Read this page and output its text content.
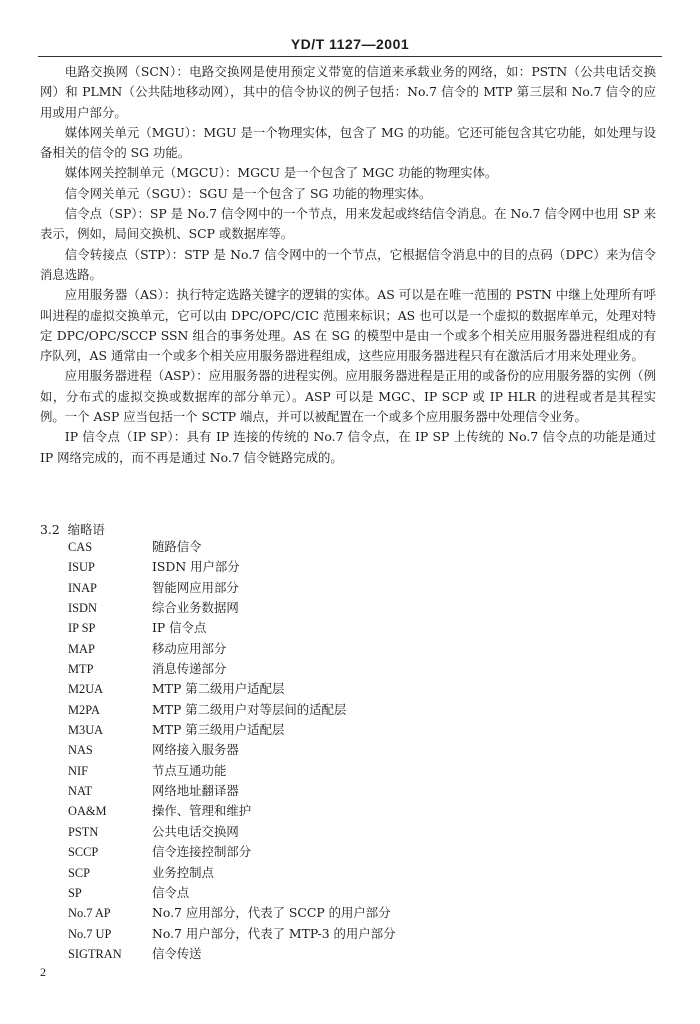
YD/T 1127—2001

电路交换网（SCN）：电路交换网是使用预定义带宽的信道来承载业务的网络，如：PSTN（公共电话交换网）和 PLMN（公共陆地移动网），其中的信令协议的例子包括：No.7 信令的 MTP 第三层和 No.7 信令的应用或用户部分。

媒体网关单元（MGU）：MGU 是一个物理实体，包含了 MG 的功能。它还可能包含其它功能，如处理与设备相关的信令的 SG 功能。

媒体网关控制单元（MGCU）：MGCU 是一个包含了 MGC 功能的物理实体。

信令网关单元（SGU）：SGU 是一个包含了 SG 功能的物理实体。

信令点（SP）：SP 是 No.7 信令网中的一个节点，用来发起或终结信令消息。在 No.7 信令网中也用 SP 来表示，例如，局间交换机、SCP 或数据库等。

信令转接点（STP）：STP 是 No.7 信令网中的一个节点，它根据信令消息中的目的点码（DPC）来为信令消息选路。

应用服务器（AS）：执行特定选路关键字的逻辑的实体。AS 可以是在唯一范围的 PSTN 中继上处理所有呼叫进程的虚拟交换单元，它可以由 DPC/OPC/CIC 范围来标识；AS 也可以是一个虚拟的数据库单元，处理对特定 DPC/OPC/SCCP SSN 组合的事务处理。AS 在 SG 的模型中是由一个或多个相关应用服务器进程组成的有序队列，AS 通常由一个或多个相关应用服务器进程组成，这些应用服务器进程只有在激活后才用来处理业务。

应用服务器进程（ASP）：应用服务器的进程实例。应用服务器进程是正用的或备份的应用服务器的实例（例如，分布式的虚拟交换或数据库的部分单元）。ASP 可以是 MGC、IP SCP 或 IP HLR 的进程或者是其程实例。一个 ASP 应当包括一个 SCTP 端点，并可以被配置在一个或多个应用服务器中处理信令业务。

IP 信令点（IP SP）：具有 IP 连接的传统的 No.7 信令点，在 IP SP 上传统的 No.7 信令点的功能是通过 IP 网络完成的，而不再是通过 No.7 信令链路完成的。

3.2 缩略语
CAS	随路信令
ISUP	ISDN 用户部分
INAP	智能网应用部分
ISDN	综合业务数据网
IP SP	IP 信令点
MAP	移动应用部分
MTP	消息传递部分
M2UA	MTP 第二级用户适配层
M2PA	MTP 第二级用户对等层间的适配层
M3UA	MTP 第三级用户适配层
NAS	网络接入服务器
NIF	节点互通功能
NAT	网络地址翻译器
OA&M	操作、管理和维护
PSTN	公共电话交换网
SCCP	信令连接控制部分
SCP	业务控制点
SP	信令点
No.7 AP	No.7 应用部分，代表了 SCCP 的用户部分
No.7 UP	No.7 用户部分，代表了 MTP-3 的用户部分
SIGTRAN 信令传送
2
